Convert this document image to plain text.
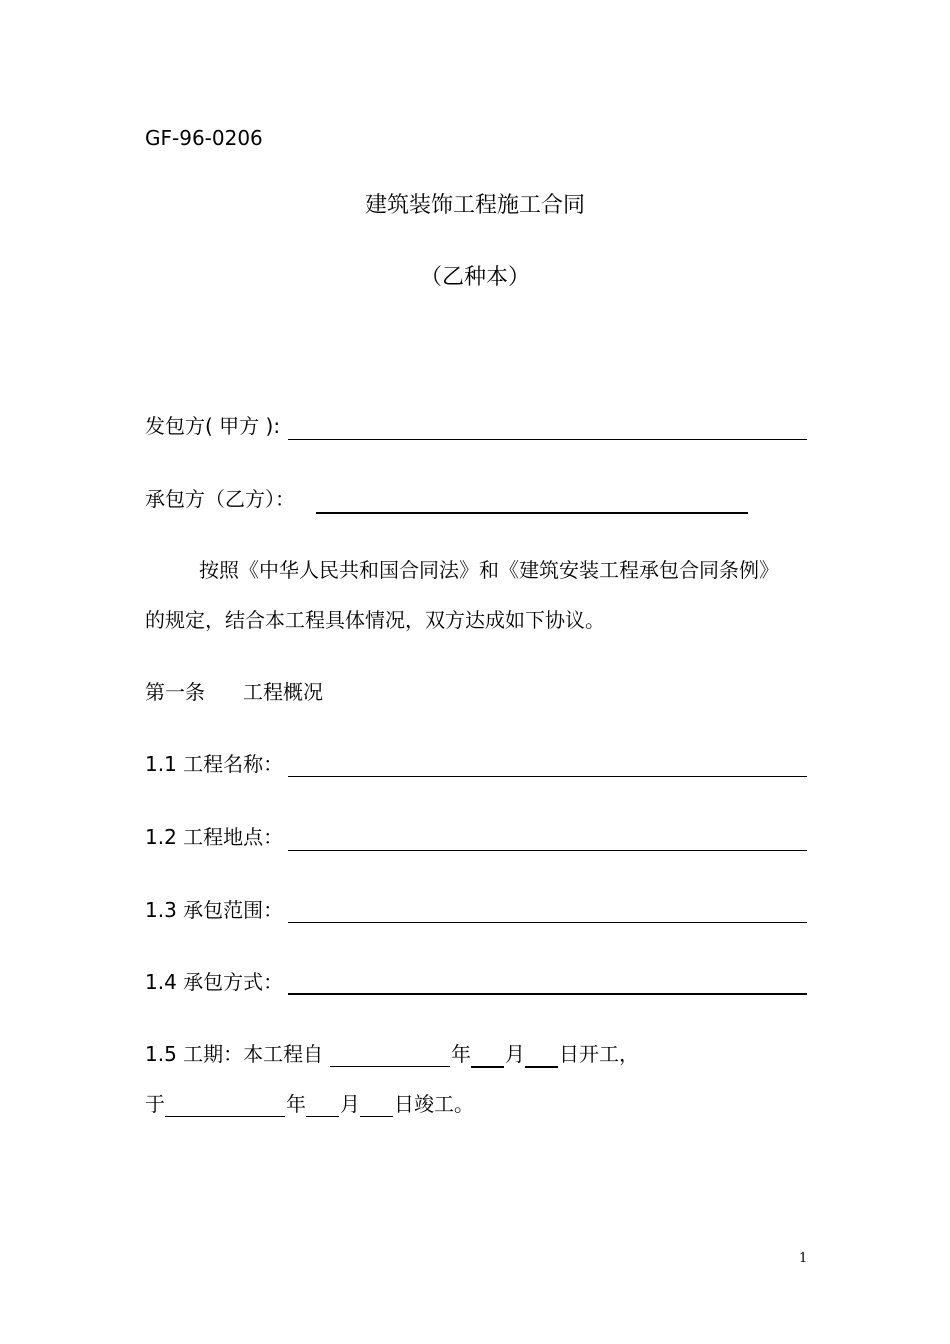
GF-96-0206
建筑装饰工程施工合同
（乙种本）
发包方( 甲方 ):
承包方（乙方）：
按照《中华人民共和国合同法》和《建筑安装工程承包合同条例》
的规定，结合本工程具体情况，双方达成如下协议。
第一条 工程概况
1.1 工程名称：
1.2 工程地点：
1.3 承包范围：
1.4 承包方式：
1.5 工期：本工程自	年 月 日开工，
于	年 月 日竣工。
1
